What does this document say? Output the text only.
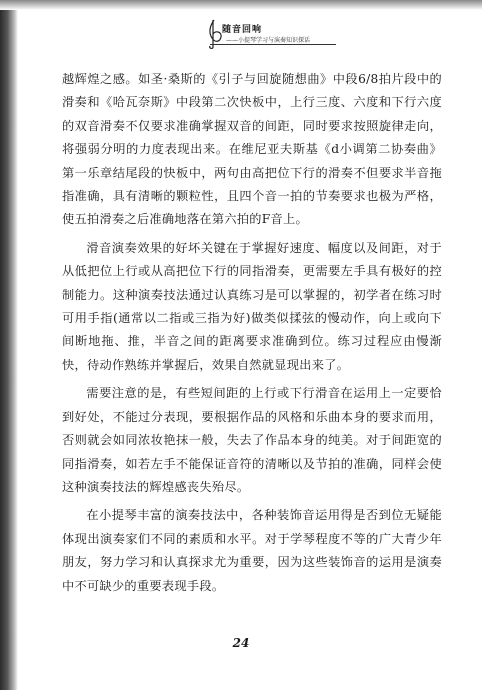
随音回响
——小提琴学习与演奏知识探话

越辉煌之感。如圣·桑斯的《引子与回旋随想曲》中段6/8拍片段中的滑奏和《哈瓦奈斯》中段第二次快板中，上行三度、六度和下行六度的双音滑奏不仅要求准确掌握双音的间距，同时要求按照旋律走向，将强弱分明的力度表现出来。在维尼亚夫斯基《d小调第二协奏曲》第一乐章结尾段的快板中，两句由高把位下行的滑奏不但要求半音拖指准确，具有清晰的颗粒性，且四个音一拍的节奏要求也极为严格，使五拍滑奏之后准确地落在第六拍的F音上。

滑音演奏效果的好坏关键在于掌握好速度、幅度以及间距，对于从低把位上行或从高把位下行的同指滑奏，更需要左手具有极好的控制能力。这种演奏技法通过认真练习是可以掌握的，初学者在练习时可用手指(通常以二指或三指为好)做类似揉弦的慢动作，向上或向下间断地拖、推，半音之间的距离要求准确到位。练习过程应由慢渐快，待动作熟练并掌握后，效果自然就显现出来了。

需要注意的是，有些短间距的上行或下行滑音在运用上一定要恰到好处，不能过分表现，要根据作品的风格和乐曲本身的要求而用，否则就会如同浓妆艳抹一般，失去了作品本身的纯美。对于间距宽的同指滑奏，如若左手不能保证音符的清晰以及节拍的准确，同样会使这种演奏技法的辉煌感丧失殆尽。

在小提琴丰富的演奏技法中，各种装饰音运用得是否到位无疑能体现出演奏家们不同的素质和水平。对于学琴程度不等的广大青少年朋友，努力学习和认真探求尤为重要，因为这些装饰音的运用是演奏中不可缺少的重要表现手段。

24
